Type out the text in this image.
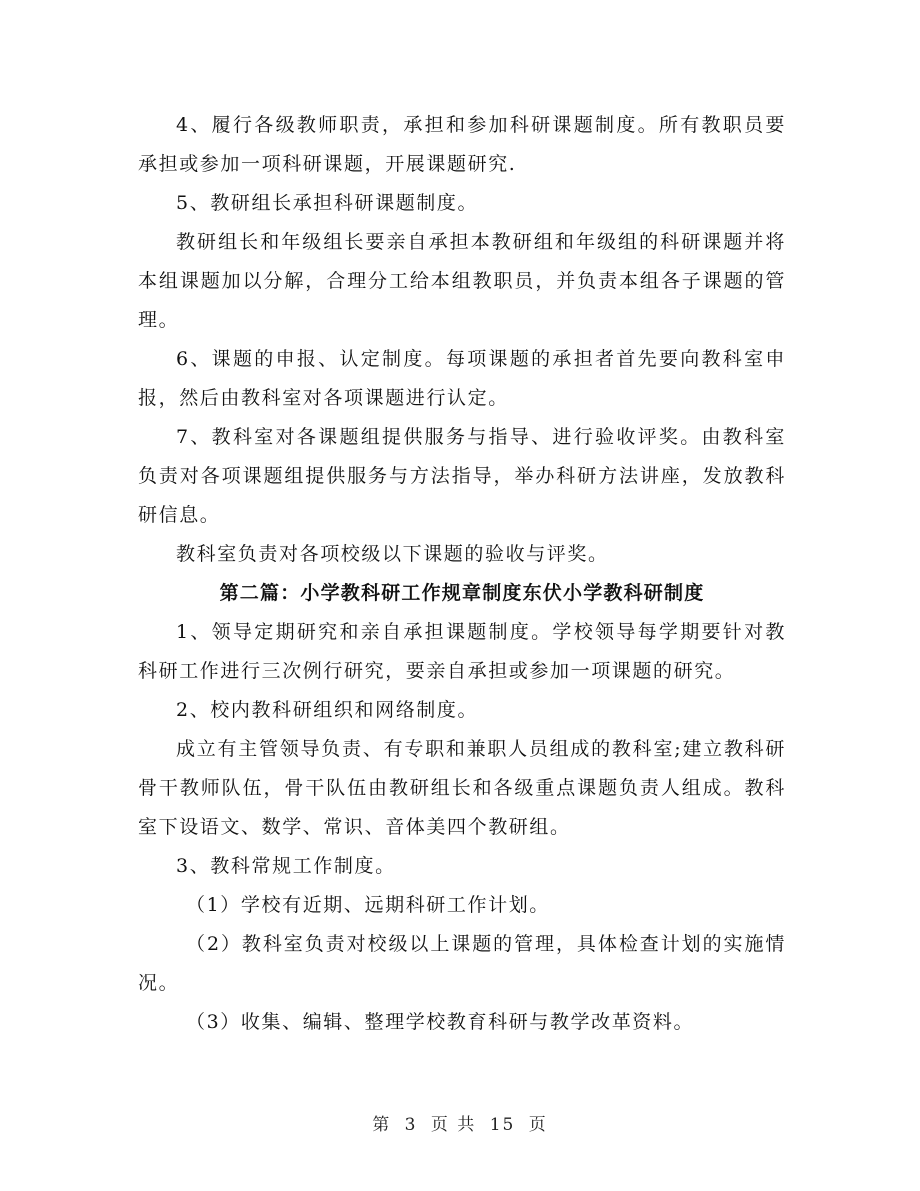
4、履行各级教师职责，承担和参加科研课题制度。所有教职员要承担或参加一项科研课题，开展课题研究.

5、教研组长承担科研课题制度。

教研组长和年级组长要亲自承担本教研组和年级组的科研课题并将本组课题加以分解，合理分工给本组教职员，并负责本组各子课题的管理。

6、课题的申报、认定制度。每项课题的承担者首先要向教科室申报，然后由教科室对各项课题进行认定。

7、教科室对各课题组提供服务与指导、进行验收评奖。由教科室负责对各项课题组提供服务与方法指导，举办科研方法讲座，发放教科研信息。

教科室负责对各项校级以下课题的验收与评奖。

第二篇：小学教科研工作规章制度东伏小学教科研制度

1、领导定期研究和亲自承担课题制度。学校领导每学期要针对教科研工作进行三次例行研究，要亲自承担或参加一项课题的研究。

2、校内教科研组织和网络制度。

成立有主管领导负责、有专职和兼职人员组成的教科室;建立教科研骨干教师队伍，骨干队伍由教研组长和各级重点课题负责人组成。教科室下设语文、数学、常识、音体美四个教研组。

3、教科常规工作制度。

（1）学校有近期、远期科研工作计划。

（2）教科室负责对校级以上课题的管理，具体检查计划的实施情况。

（3）收集、编辑、整理学校教育科研与教学改革资料。

第 3 页 共 15 页
